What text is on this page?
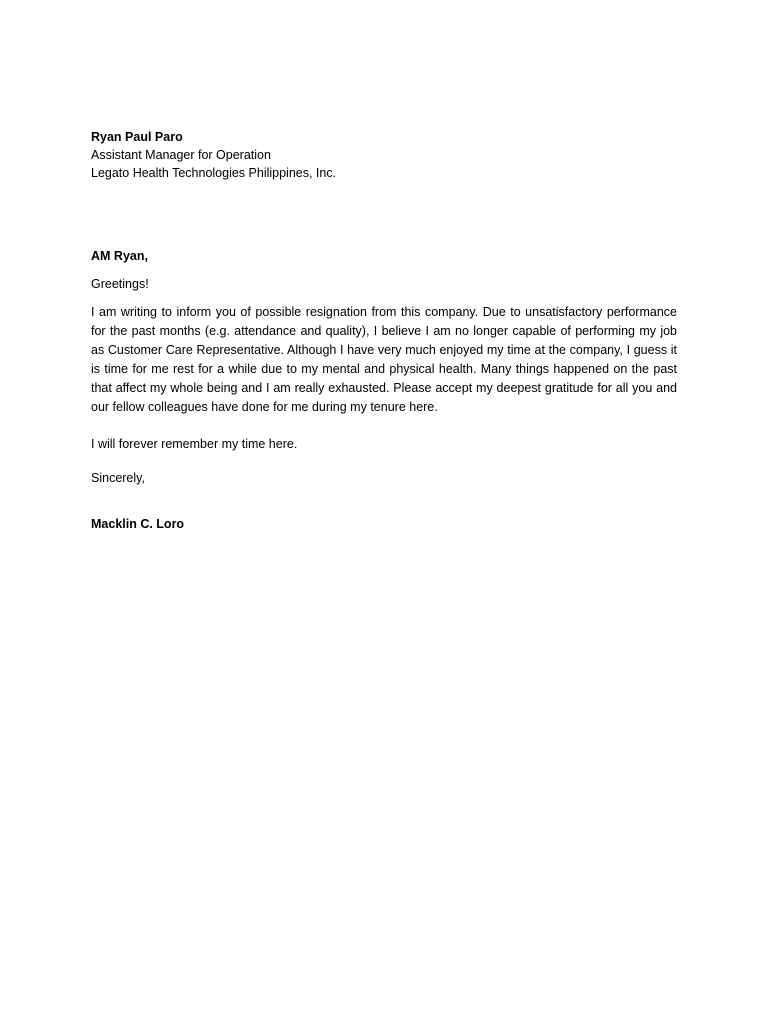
Ryan Paul Paro
Assistant Manager for Operation
Legato Health Technologies Philippines, Inc.
AM Ryan,
Greetings!
I am writing to inform you of possible resignation from this company. Due to unsatisfactory performance for the past months (e.g. attendance and quality), I believe I am no longer capable of performing my job as Customer Care Representative. Although I have very much enjoyed my time at the company, I guess it is time for me rest for a while due to my mental and physical health. Many things happened on the past that affect my whole being and I am really exhausted. Please accept my deepest gratitude for all you and our fellow colleagues have done for me during my tenure here.
I will forever remember my time here.
Sincerely,
Macklin C. Loro
